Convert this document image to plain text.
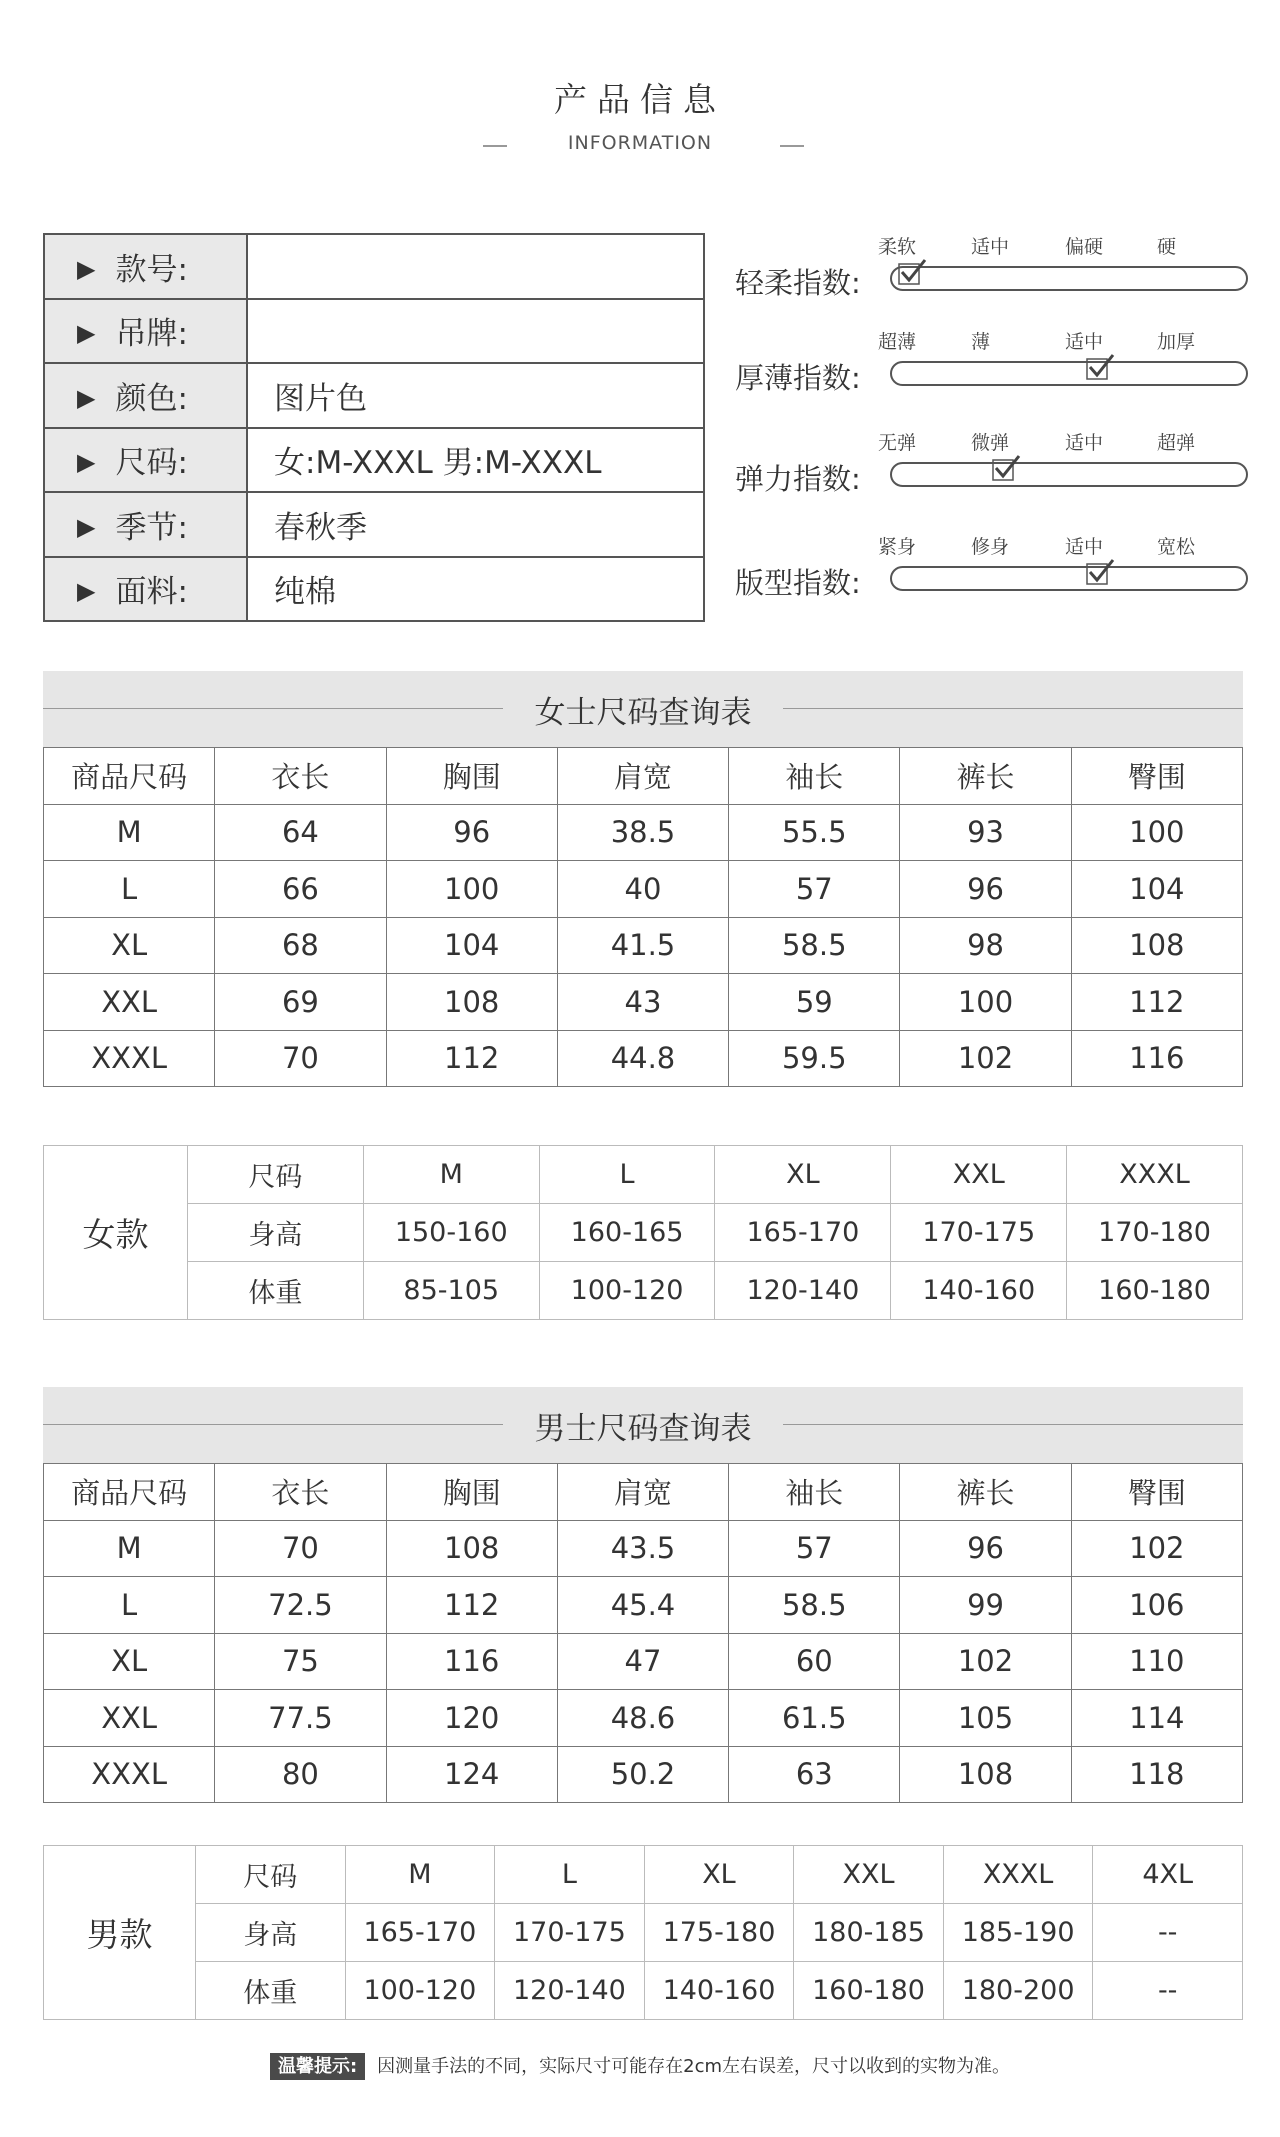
产品信息
INFORMATION
▶ 款号:	
▶ 吊牌:	
▶ 颜色:	图片色
▶ 尺码:	女:M-XXXL 男:M-XXXL
▶ 季节:	春秋季
▶ 面料:	纯棉
轻柔指数:
柔软	适中	偏硬	硬
厚薄指数:
超薄	薄	适中	加厚
弹力指数:
无弹	微弹	适中	超弹
版型指数:
紧身	修身	适中	宽松
女士尺码查询表
商品尺码	衣长	胸围	肩宽	袖长	裤长	臀围
M	64	96	38.5	55.5	93	100
L	66	100	40	57	96	104
XL	68	104	41.5	58.5	98	108
XXL	69	108	43	59	100	112
XXXL	70	112	44.8	59.5	102	116
女款	尺码	M	L	XL	XXL	XXXL
	身高	150-160	160-165	165-170	170-175	170-180
	体重	85-105	100-120	120-140	140-160	160-180
男士尺码查询表
商品尺码	衣长	胸围	肩宽	袖长	裤长	臀围
M	70	108	43.5	57	96	102
L	72.5	112	45.4	58.5	99	106
XL	75	116	47	60	102	110
XXL	77.5	120	48.6	61.5	105	114
XXXL	80	124	50.2	63	108	118
男款	尺码	M	L	XL	XXL	XXXL	4XL
	身高	165-170	170-175	175-180	180-185	185-190	--
	体重	100-120	120-140	140-160	160-180	180-200	--
温馨提示: 因测量手法的不同，实际尺寸可能存在2cm左右误差，尺寸以收到的实物为准。
